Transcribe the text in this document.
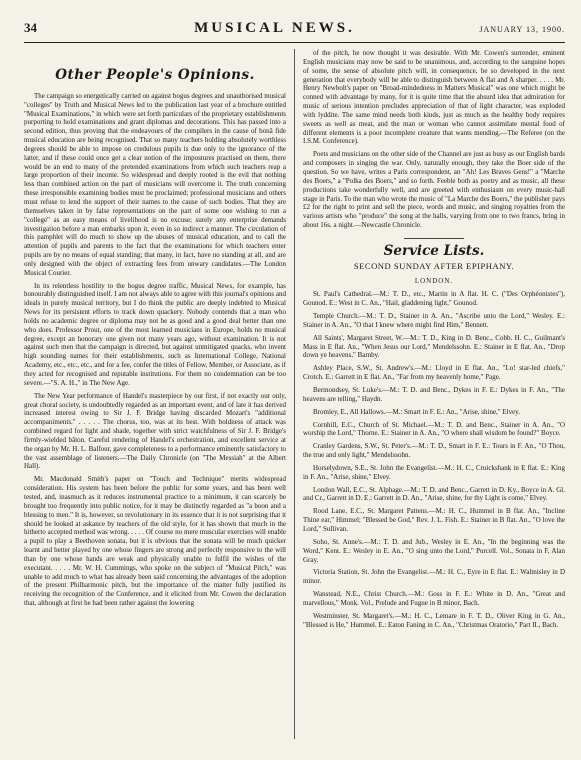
34	MUSICAL NEWS.	JANUARY 13, 1900.
Other People's Opinions.

The campaign so energetically carried on against bogus degrees and unauthorised musical "colleges" by Truth and Musical News led to the publication last year of a brochure entitled "Musical Examinations," in which were set forth particulars of the proprietary establishments purporting to hold examinations and grant diplomas and decorations. This has passed into a second edition, thus proving that the endeavours of the compilers in the cause of bonâ fide musical education are being recognised. That so many teachers holding absolutely worthless degrees should be able to impose on credulous pupils is due only to the ignorance of the latter, and if these could once get a clear notion of the impostures practised on them, there would be an end to many of the pretended examinations from which such teachers reap a large proportion of their income. So widespread and deeply rooted is the evil that nothing less than combined action on the part of musicians will overcome it. The truth concerning these irresponsible examining bodies must be proclaimed; professional musicians and others must refuse to lend the support of their names to the cause of such bodies. That they are themselves taken in by false representations on the part of some one wishing to run a "college" as an easy means of livelihood is no excuse; surely any enterprise demands investigation before a man embarks upon it, even in so indirect a manner. The circulation of this pamphlet will do much to show up the abuses of musical education, and to call the attention of pupils and parents to the fact that the examinations for which teachers enter pupils are by no means of equal standing; that many, in fact, have no standing at all, and are only designed with the object of extracting fees from unwary candidates.—The London Musical Courier.

In its relentless hostility to the bogus degree traffic, Musical News, for example, has honourably distinguished itself. I am not always able to agree with this journal's opinions and ideals in purely musical territory, but I do think the public are deeply indebted to Musical News for its persistent efforts to track down quackery. Nobody contends that a man who holds no academic degree or diploma may not be as good and a good deal better than one who does. Professor Prout, one of the most learned musicians in Europe, holds no musical degree, except an honorary one given not many years ago, without examination. It is not against such men that the campaign is directed, but against unmitigated quacks, who invent high sounding names for their establishments, such as International College, National Academy, etc., etc., etc., and for a fee, confer the titles of Fellow, Member, or Associate, as if they acted for recognised and reputable institutions. For them no condemnation can be too severe.—"S. A. H.," in The New Age.

The New Year performance of Handel's masterpiece by our first, if not exactly our only, great choral society, is undoubtedly regarded as an important event, and of late it has derived increased interest owing to Sir J. F. Bridge having discarded Mozart's "additional accompaniments." . . . . . The chorus, too, was at its best. With boldness of attack was combined regard for light and shade, together with strict watchfulness of Sir J. F. Bridge's firmly-wielded bâton. Careful rendering of Handel's orchestration, and excellent service at the organ by Mr. H. L. Balfour, gave completeness to a performance eminently satisfactory to the vast assemblage of listeners.—The Daily Chronicle (on "The Messiah" at the Albert Hall).

Mr. Macdonald Smith's paper on "Touch and Technique" merits widespread consideration. His system has been before the public for some years, and has been well tested, and, inasmuch as it reduces instrumental practice to a minimum, it can scarcely be brought too frequently into public notice, for it may be distinctly regarded as "a boon and a blessing to men." It is, however, so revolutionary in its essence that it is not surprising that it should be looked at askance by teachers of the old style, for it has shown that much in the hitherto accepted method was wrong. . . . . Of course no mere muscular exercises will enable a pupil to play a Beethoven sonata, but it is obvious that the sonata will be much quicker learnt and better played by one whose fingers are strong and perfectly responsive to the will than by one whose hands are weak and physically unable to fulfil the wishes of the executant. . . . . Mr. W. H. Cummings, who spoke on the subject of "Musical Pitch," was unable to add much to what has already been said concerning the advantages of the adoption of the present Philharmonic pitch, but the importance of the matter fully justified its receiving the recognition of the Conference, and it elicited from Mr. Cowen the declaration that, although at first he had been rather against the lowering

of the pitch, he now thought it was desirable. With Mr. Cowen's surrender, eminent English musicians may now be said to be unanimous, and, according to the sanguine hopes of some, the sense of absolute pitch will, in consequence, be so developed in the next generation that everybody will be able to distinguish between A flat and A sharper. . . . . Mr. Henry Newbolt's paper on "Broad-mindedness in Matters Musical" was one which might be conned with advantage by many, for it is quite time that the absurd idea that admiration for music of serious intention precludes appreciation of that of light character, was exploded with lyddite. The same mind needs both kinds, just as much as the healthy body requires sweets as well as meat, and the man or woman who cannot assimilate mental food of different elements is a poor incomplete creature that wants mending.—The Referee (on the I.S.M. Conference).

Poets and musicians on the other side of the Channel are just as busy as our English bards and composers in singing the war. Only, naturally enough, they take the Boer side of the question. So we have, writes a Paris correspondent, an "Ah! Les Braves Gens!" a "Marche des Boers," a "Polka des Boers," and so forth. Feeble both as poetry and as music, all these productions take wonderfully well, and are greeted with enthusiasm on every music-hall stage in Paris. To the man who wrote the music of "La Marche des Boers," the publisher pays £2 for the right to print and sell the piece, words and music, and singing royalties from the various artists who "produce" the song at the halls, varying from one to two francs, bring in about 16s. a night.—Newcastle Chronicle.

Service Lists.
SECOND SUNDAY AFTER EPIPHANY.
LONDON.

St. Paul's Cathedral.—M.: T. D., etc., Martin in A flat. H. C. ("Des Orphéonistes"), Gounod. E.: West in C. An., "Hail, gladdening light," Gounod.

Temple Church.—M.: T. D., Stainer in A. An., "Ascribe unto the Lord," Wesley. E.: Stainer in A. An., "O that I knew where might find Him," Bennett.

All Saints', Margaret Street, W.—M.: T. D., King in D. Benc., Cobb. H. C., Guilmant's Mass in E flat. An., "When Jesus our Lord," Mendelssohn. E.: Stainer in E flat. An., "Drop down ye heavens," Barnby.

Ashley Place, S.W., St. Andrew's.—M.: Lloyd in E flat. An., "Lo! star-led chiefs," Crotch. E.: Garrett in E flat. An., "Far from my heavenly home," Page.

Bermondsey, St. Luke's.—M.: T. D. and Benc., Dykes in F. E.: Dykes in F. An., "The heavens are telling," Haydn.

Bromley, E., All Hallows.—M.: Smart in F. E.: An., "Arise, shine," Elvey.

Cornhill, E.C., Church of St. Michael.—M.: T. D. and Benc., Stainer in A. An., "O worship the Lord," Thorne. E.: Stainer in A. An., "O where shall wisdom be found?" Boyce.

Cranley Gardens, S.W., St. Peter's.—M.: T. D., Smart in F. E.: Tours in F. An., "O Thou, the true and only light," Mendelssohn.

Horselydown, S.E., St. John the Evangelist.—M.: H. C., Cruickshank in E flat. E.: King in F. An., "Arise, shine," Elvey.

London Wall, E.C., St. Alphage.—M.: T. D. and Benc., Garrett in D. Ky., Boyce in A. Gl. and Cr., Garrett in D. E.: Garrett in D. An., "Arise, shine, for thy Light is come," Elvey.

Rood Lane, E.C., St. Margaret Pattens.—M.: H. C., Hummel in B flat. An., "Incline Thine ear," Himmel; "Blessed be God," Rev. J. L. Fish. E.: Stainer in B flat. An., "O love the Lord," Sullivan.

Soho, St. Anne's.—M.: T. D. and Jub., Wesley in E. An., "In the beginning was the Word," Kent. E.: Wesley in E. An., "O sing unto the Lord," Purcell. Vol., Sonata in F, Alan Gray.

Victoria Station, St. John the Evangelist.—M.: H. C., Eyre in E flat. E.: Walmisley in D minor.

Wanstead, N.E., Christ Church.—M.: Goss in F. E.: White in D. An., "Great and marvellous," Monk. Vol., Prelude and Fugue in B minor, Bach.

Westminster, St. Margaret's.—M.: H. C., Lemare in F. T. D., Oliver King in G. An., "Blessed is He," Hummel. E.: Eaton Faning in C. An., "Christmas Oratorio," Part II., Bach.
